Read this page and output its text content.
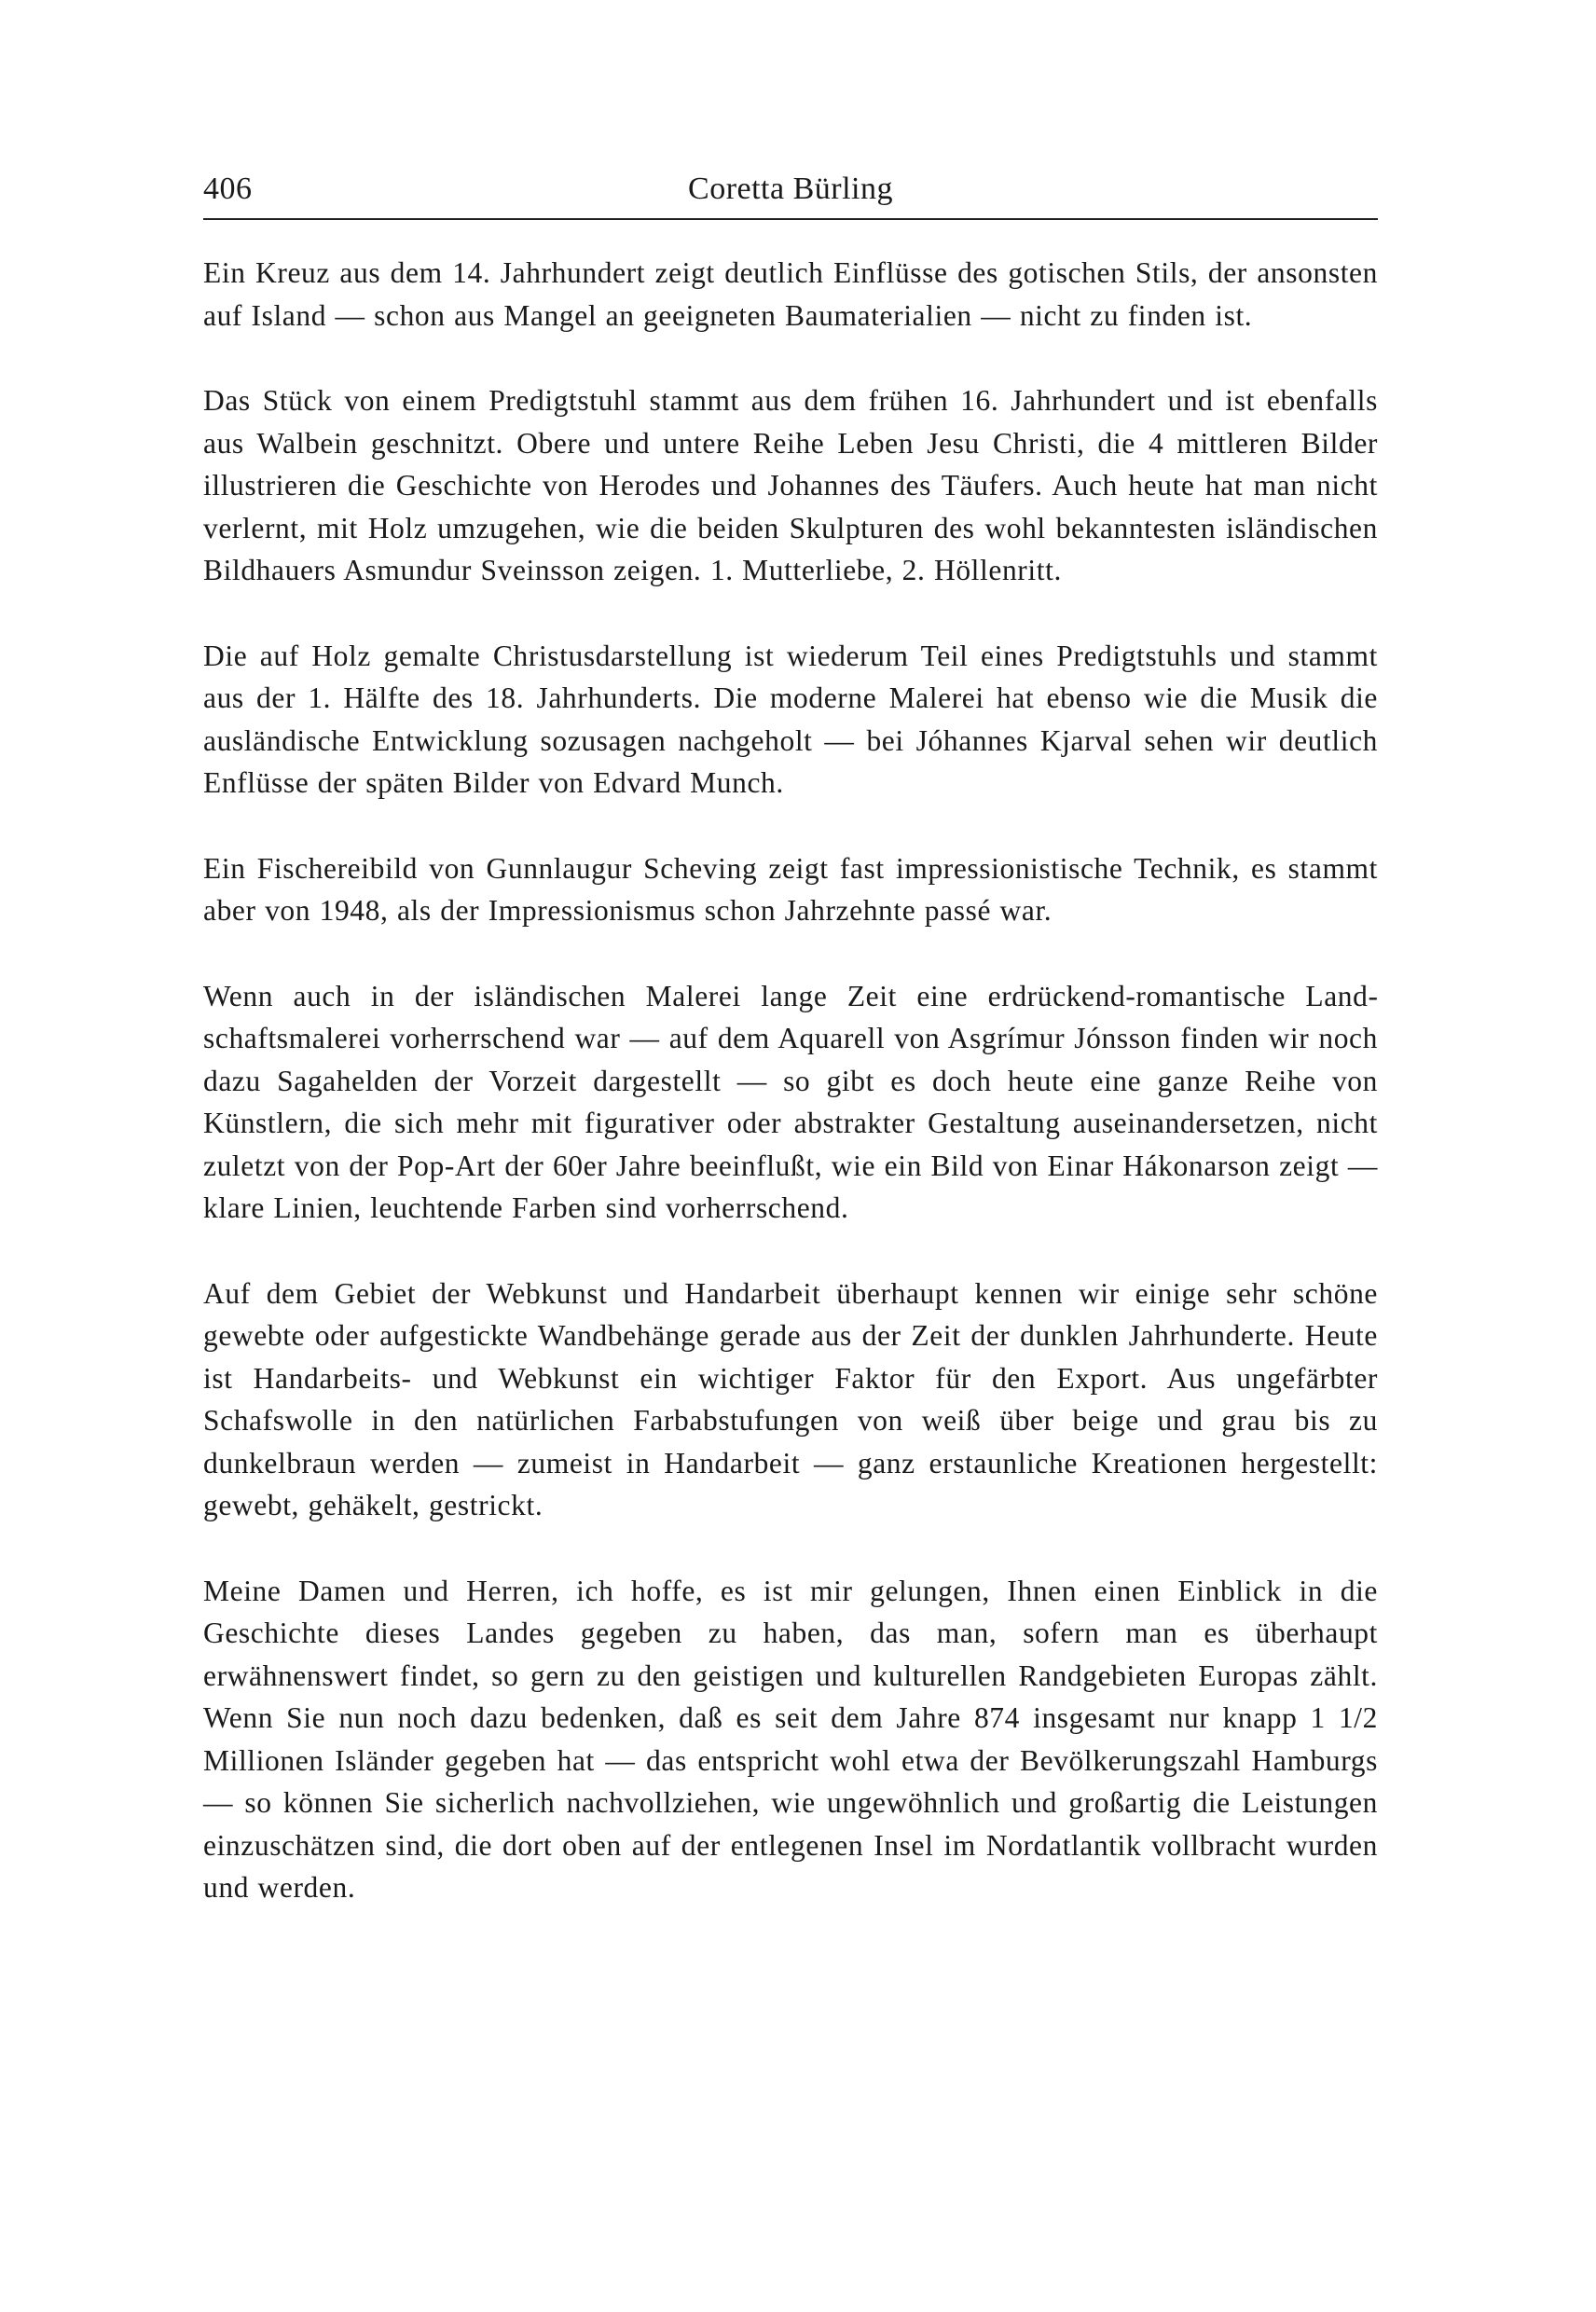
406	Coretta Bürling

Ein Kreuz aus dem 14. Jahrhundert zeigt deutlich Einflüsse des gotischen Stils, der ansonsten auf Island — schon aus Mangel an geeigneten Baumaterialien — nicht zu finden ist.

Das Stück von einem Predigtstuhl stammt aus dem frühen 16. Jahrhundert und ist ebenfalls aus Walbein geschnitzt. Obere und untere Reihe Leben Jesu Christi, die 4 mittleren Bilder illustrieren die Geschichte von Herodes und Johannes des Täufers. Auch heute hat man nicht verlernt, mit Holz umzugehen, wie die beiden Skulpturen des wohl bekanntesten isländischen Bildhauers Asmundur Sveinsson zeigen. 1. Mutterliebe, 2. Höllenritt.

Die auf Holz gemalte Christusdarstellung ist wiederum Teil eines Predigtstuhls und stammt aus der 1. Hälfte des 18. Jahrhunderts. Die moderne Malerei hat ebenso wie die Musik die ausländische Entwicklung sozusagen nachgeholt — bei Jóhannes Kjarval sehen wir deutlich Enflüsse der späten Bilder von Edvard Munch.

Ein Fischereibild von Gunnlaugur Scheving zeigt fast impressionistische Technik, es stammt aber von 1948, als der Impressionismus schon Jahrzehnte passé war.

Wenn auch in der isländischen Malerei lange Zeit eine erdrückend-romantische Landschaftsmalerei vorherrschend war — auf dem Aquarell von Asgrímur Jónsson finden wir noch dazu Sagahelden der Vorzeit dargestellt — so gibt es doch heute eine ganze Reihe von Künstlern, die sich mehr mit figurativer oder abstrakter Gestaltung auseinandersetzen, nicht zuletzt von der Pop-Art der 60er Jahre beeinflußt, wie ein Bild von Einar Hákonarson zeigt — klare Linien, leuchtende Farben sind vorherrschend.

Auf dem Gebiet der Webkunst und Handarbeit überhaupt kennen wir einige sehr schöne gewebte oder aufgestickte Wandbehänge gerade aus der Zeit der dunklen Jahrhunderte. Heute ist Handarbeits- und Webkunst ein wichtiger Faktor für den Export. Aus ungefärbter Schafswolle in den natürlichen Farbabstufungen von weiß über beige und grau bis zu dunkelbraun werden — zumeist in Handarbeit — ganz erstaunliche Kreationen hergestellt: gewebt, gehäkelt, gestrickt.

Meine Damen und Herren, ich hoffe, es ist mir gelungen, Ihnen einen Einblick in die Geschichte dieses Landes gegeben zu haben, das man, sofern man es überhaupt erwähnenswert findet, so gern zu den geistigen und kulturellen Randgebieten Europas zählt. Wenn Sie nun noch dazu bedenken, daß es seit dem Jahre 874 insgesamt nur knapp 1 1/2 Millionen Isländer gegeben hat — das entspricht wohl etwa der Bevölkerungszahl Hamburgs — so können Sie sicherlich nachvollziehen, wie ungewöhnlich und großartig die Leistungen einzuschätzen sind, die dort oben auf der entlegenen Insel im Nordatlantik vollbracht wurden und werden.
